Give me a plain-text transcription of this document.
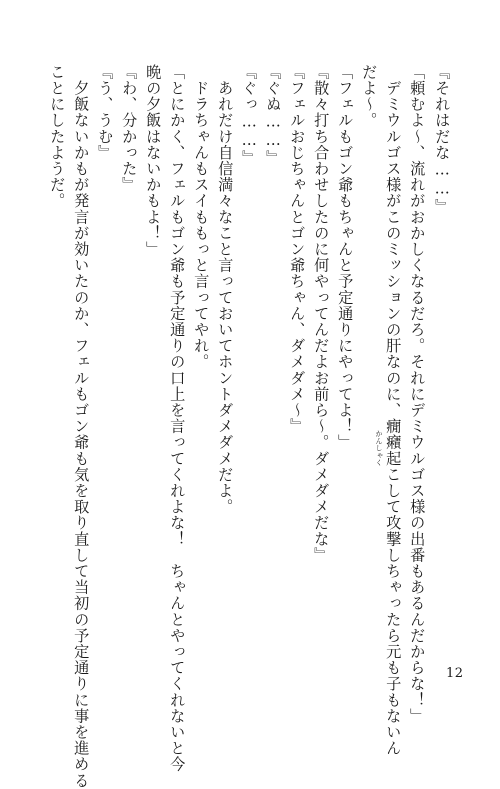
『それはだな……』
「頼むよ～、流れがおかしくなるだろ。それにデミウルゴス様の出番もあるんだからな！」
　デミウルゴス様がこのミッションの肝なのに、癇癪起こして攻撃しちゃったら元も子もないん
かんしゃく
だよ～。
「フェルもゴン爺もちゃんと予定通りにやってよ！」
『散々打ち合わせしたのに何やってんだよお前ら～。ダメダメだな』
『フェルおじちゃんとゴン爺ちゃん、ダメダメ～』
『ぐぬ……』
『ぐっ……』
　あれだけ自信満々なこと言っておいてホントダメダメだよ。
　ドラちゃんもスイももっと言ってやれ。
「とにかく、フェルもゴン爺も予定通りの口上を言ってくれよな！　ちゃんとやってくれないと今
晩の夕飯はないかもよ！」
『わ、分かった』
『う、うむ』
　夕飯ないかもが発言が効いたのか、フェルもゴン爺も気を取り直して当初の予定通りに事を進める
ことにしたようだ。
12
